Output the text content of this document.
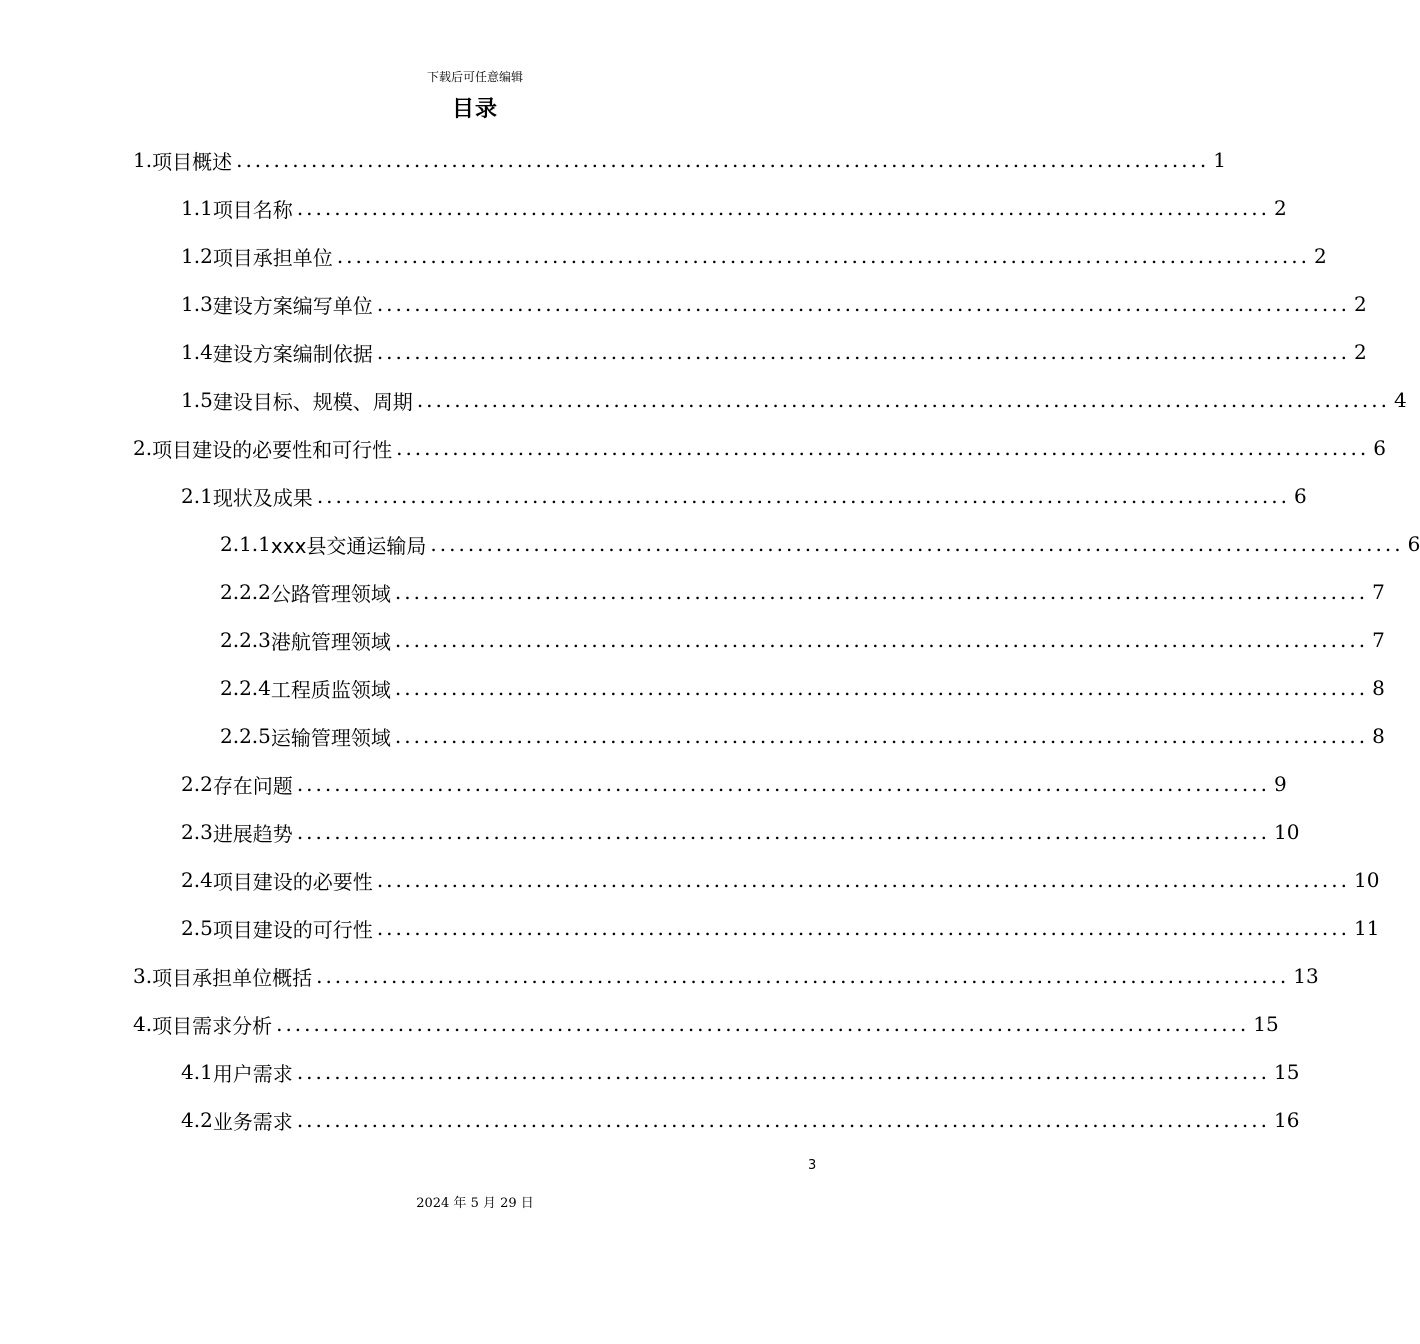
下载后可任意编辑
目录
1. 项目概述 ........................................................................................................ 1
1.1 项目名称 ........................................................................................................ 2
1.2 项目承担单位 ........................................................................................................ 2
1.3 建设方案编写单位 ........................................................................................................ 2
1.4 建设方案编制依据 ........................................................................................................ 2
1.5 建设目标、规模、周期 ........................................................................................................ 4
2. 项目建设的必要性和可行性 ........................................................................................................ 6
2.1 现状及成果 ........................................................................................................ 6
2.1.1 xxx县交通运输局 ........................................................................................................ 6
2.2.2 公路管理领域 ........................................................................................................ 7
2.2.3 港航管理领域 ........................................................................................................ 7
2.2.4 工程质监领域 ........................................................................................................ 8
2.2.5 运输管理领域 ........................................................................................................ 8
2.2 存在问题 ........................................................................................................ 9
2.3 进展趋势 ........................................................................................................ 10
2.4 项目建设的必要性 ........................................................................................................ 10
2.5 项目建设的可行性 ........................................................................................................ 11
3. 项目承担单位概括 ........................................................................................................ 13
4. 项目需求分析 ........................................................................................................ 15
4.1 用户需求 ........................................................................................................ 15
4.2 业务需求 ........................................................................................................ 16
3
2024 年 5 月 29 日
